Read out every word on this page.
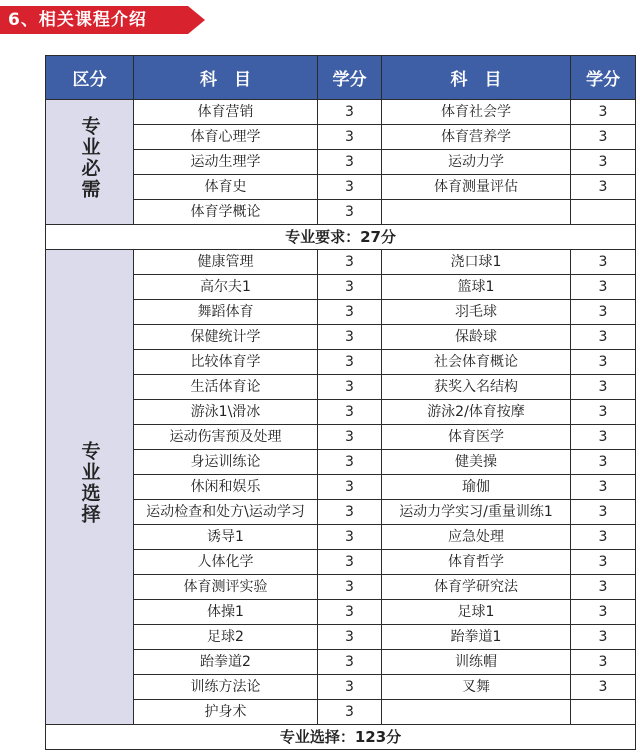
6、相关课程介绍
区分	科　目	学分	科　目	学分
专业必需	体育营销	3	体育社会学	3
	体育心理学	3	体育营养学	3
	运动生理学	3	运动力学	3
	体育史	3	体育测量评估	3
	体育学概论	3		
专业要求：27分				
专业选择	健康管理	3	浇口球1	3
	高尔夫1	3	篮球1	3
	舞蹈体育	3	羽毛球	3
	保健统计学	3	保龄球	3
	比较体育学	3	社会体育概论	3
	生活体育论	3	获奖入名结构	3
	游泳1\滑冰	3	游泳2/体育按摩	3
	运动伤害预及处理	3	体育医学	3
	身运训练论	3	健美操	3
	休闲和娱乐	3	瑜伽	3
	运动检查和处方\运动学习	3	运动力学实习/重量训练1	3
	诱导1	3	应急处理	3
	人体化学	3	体育哲学	3
	体育测评实验	3	体育学研究法	3
	体操1	3	足球1	3
	足球2	3	跆拳道1	3
	跆拳道2	3	训练帽	3
	训练方法论	3	叉舞	3
	护身术	3		
专业选择：123分				
